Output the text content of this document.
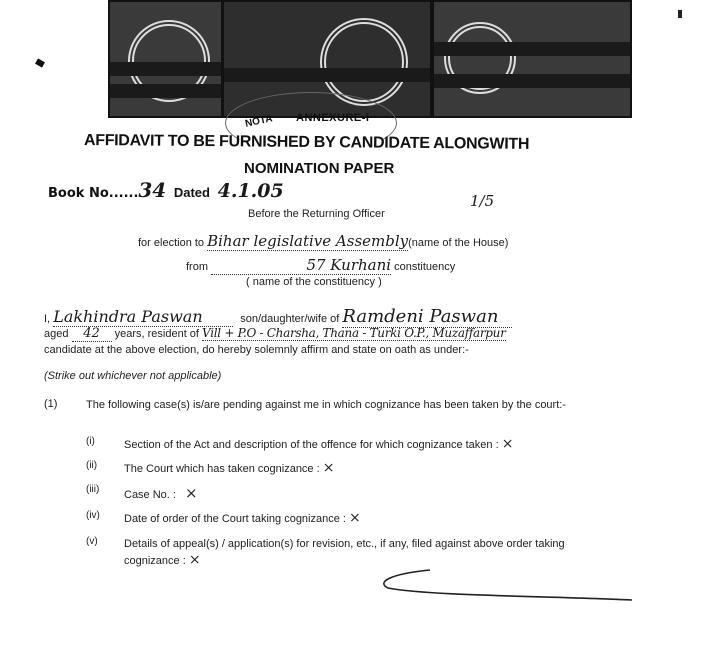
NOTA ANNEXURE-I
AFFIDAVIT TO BE FURNISHED BY CANDIDATE ALONGWITH
NOMINATION PAPER
Book No......34 Dated 4.1.05	1/5
Before the Returning Officer
for election to Bihar legislative Assembly(name of the House)
from	57 Kurhani constituency
( name of the constituency )
I, Lakhindra Paswan	son/daughter/wife of Ramdeni Paswan
aged 42 years, resident of Vill + P.O - Charsha, Thana - Turki O.P., Muzaffarpur
candidate at the above election, do hereby solemnly affirm and state on oath as under:-
(Strike out whichever not applicable)
(1)	The following case(s) is/are pending against me in which cognizance has been taken by the court:-
(i)	Section of the Act and description of the offence for which cognizance taken : ×
(ii) The Court which has taken cognizance : ×
(iii) Case No. : ×
(iv) Date of order of the Court taking cognizance : ×
(v) Details of appeal(s) / application(s) for revision, etc., if any, filed against above order taking cognizance : ×
